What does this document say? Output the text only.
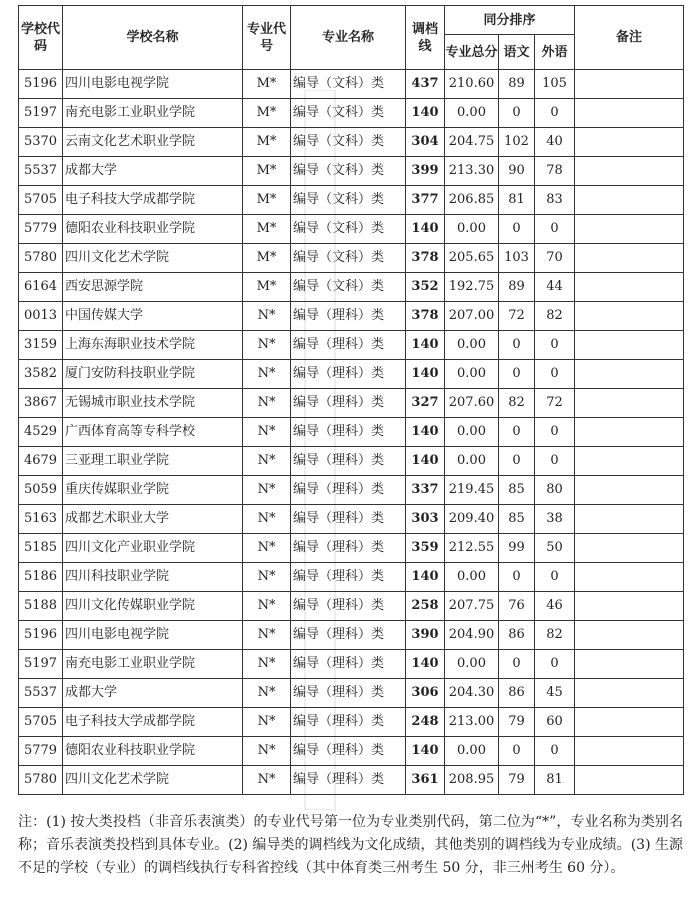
学校代码	学校名称	专业代号	专业名称	调档线	同分排序			备注
					专业总分	语文	外语	
5196	四川电影电视学院	M*	编导（文科）类	437	210.60	89	105	
5197	南充电影工业职业学院	M*	编导（文科）类	140	0.00	0	0	
5370	云南文化艺术职业学院	M*	编导（文科）类	304	204.75	102	40	
5537	成都大学	M*	编导（文科）类	399	213.30	90	78	
5705	电子科技大学成都学院	M*	编导（文科）类	377	206.85	81	83	
5779	德阳农业科技职业学院	M*	编导（文科）类	140	0.00	0	0	
5780	四川文化艺术学院	M*	编导（文科）类	378	205.65	103	70	
6164	西安思源学院	M*	编导（文科）类	352	192.75	89	44	
0013	中国传媒大学	N*	编导（理科）类	378	207.00	72	82	
3159	上海东海职业技术学院	N*	编导（理科）类	140	0.00	0	0	
3582	厦门安防科技职业学院	N*	编导（理科）类	140	0.00	0	0	
3867	无锡城市职业技术学院	N*	编导（理科）类	327	207.60	82	72	
4529	广西体育高等专科学校	N*	编导（理科）类	140	0.00	0	0	
4679	三亚理工职业学院	N*	编导（理科）类	140	0.00	0	0	
5059	重庆传媒职业学院	N*	编导（理科）类	337	219.45	85	80	
5163	成都艺术职业大学	N*	编导（理科）类	303	209.40	85	38	
5185	四川文化产业职业学院	N*	编导（理科）类	359	212.55	99	50	
5186	四川科技职业学院	N*	编导（理科）类	140	0.00	0	0	
5188	四川文化传媒职业学院	N*	编导（理科）类	258	207.75	76	46	
5196	四川电影电视学院	N*	编导（理科）类	390	204.90	86	82	
5197	南充电影工业职业学院	N*	编导（理科）类	140	0.00	0	0	
5537	成都大学	N*	编导（理科）类	306	204.30	86	45	
5705	电子科技大学成都学院	N*	编导（理科）类	248	213.00	79	60	
5779	德阳农业科技职业学院	N*	编导（理科）类	140	0.00	0	0	
5780	四川文化艺术学院	N*	编导（理科）类	361	208.95	79	81	
注：(1) 按大类投档（非音乐表演类）的专业代号第一位为专业类别代码，第二位为“*”，专业名称为类别名称；音乐表演类投档到具体专业。(2) 编导类的调档线为文化成绩，其他类别的调档线为专业成绩。(3) 生源不足的学校（专业）的调档线执行专科省控线（其中体育类三州考生 50 分，非三州考生 60 分）。
